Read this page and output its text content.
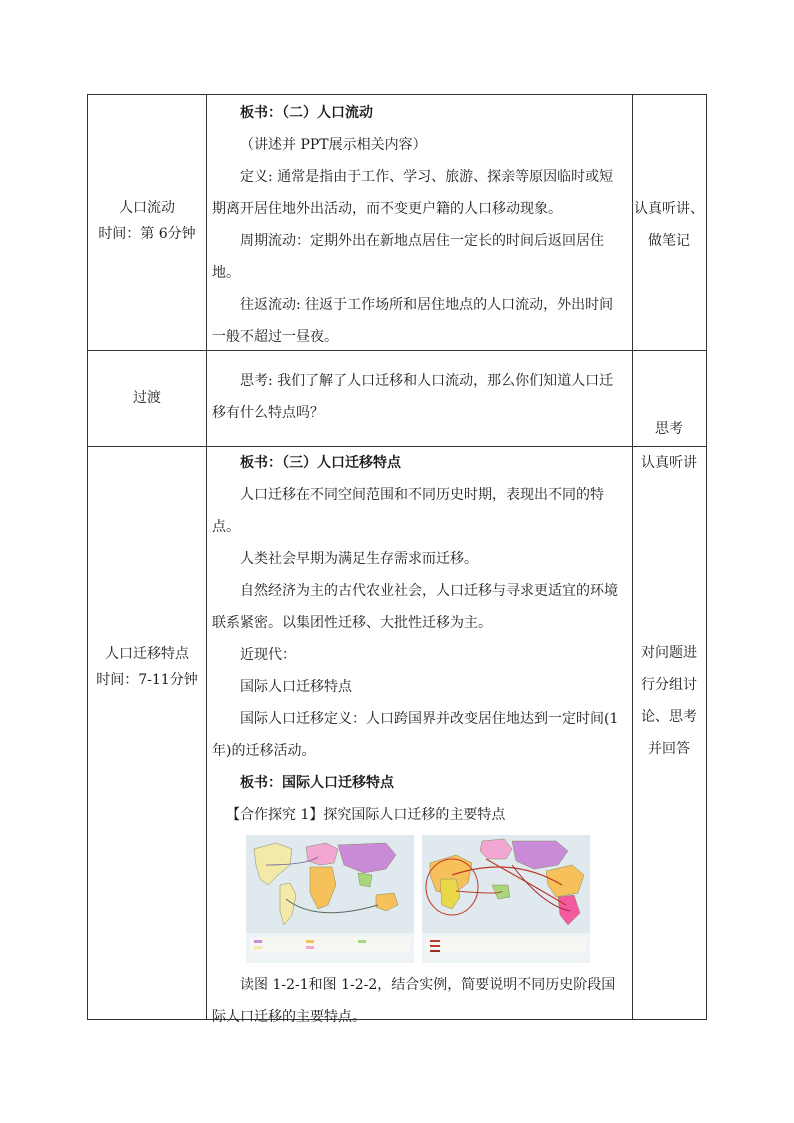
人口流动
时间：第 6分钟

板书：（二）人口流动

（讲述并 PPT展示相关内容）

定义: 通常是指由于工作、学习、旅游、探亲等原因临时或短期离开居住地外出活动，而不变更户籍的人口移动现象。

周期流动：定期外出在新地点居住一定长的时间后返回居住地。

往返流动: 往返于工作场所和居住地点的人口流动，外出时间一般不超过一昼夜。

认真听讲、
做笔记
过渡

思考: 我们了解了人口迁移和人口流动，那么你们知道人口迁移有什么特点吗？

思考
人口迁移特点
时间：7-11分钟

板书：（三）人口迁移特点

人口迁移在不同空间范围和不同历史时期，表现出不同的特点。

人类社会早期为满足生存需求而迁移。

自然经济为主的古代农业社会，人口迁移与寻求更适宜的环境联系紧密。以集团性迁移、大批性迁移为主。

近现代：

国际人口迁移特点

国际人口迁移定义：人口跨国界并改变居住地达到一定时间(1年)的迁移活动。

板书：国际人口迁移特点

【合作探究 1】探究国际人口迁移的主要特点

读图 1-2-1和图 1-2-2，结合实例，简要说明不同历史阶段国际人口迁移的主要特点。

认真听讲
对问题进
行分组讨
论、思考
并回答
